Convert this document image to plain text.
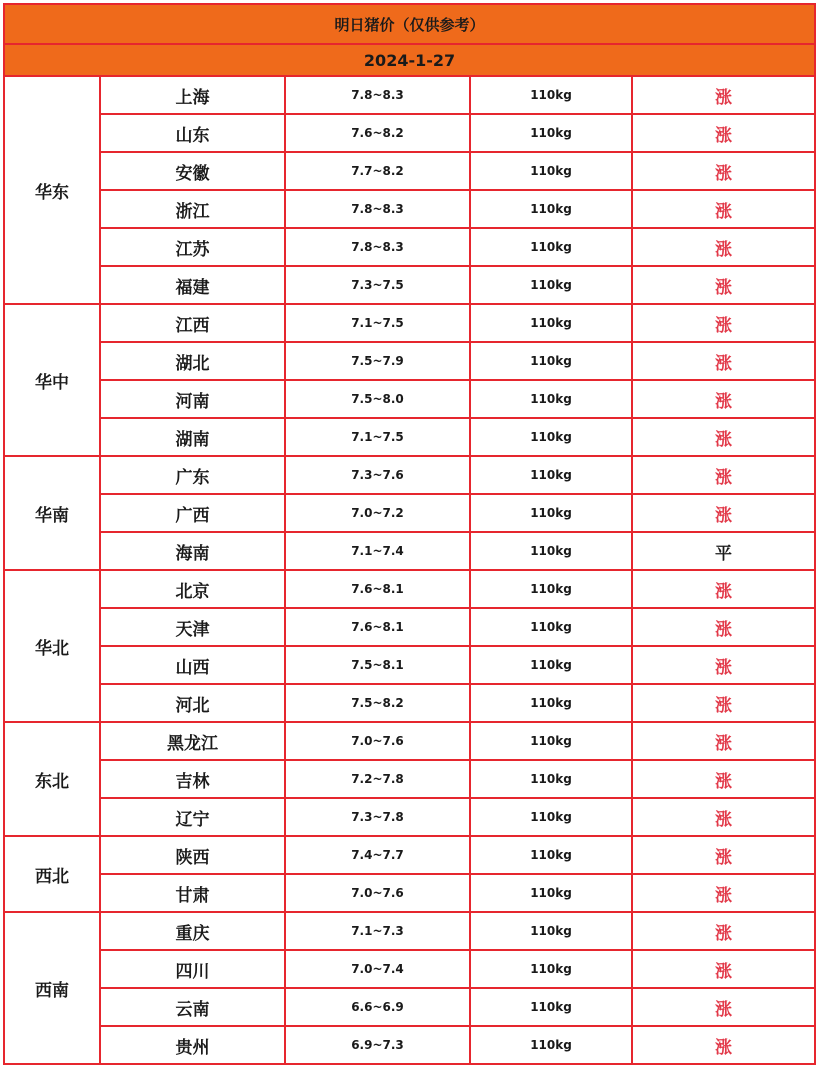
明日猪价（仅供参考）				
2024-1-27				
华东	上海	7.8~8.3	110kg	涨
	山东	7.6~8.2	110kg	涨
	安徽	7.7~8.2	110kg	涨
	浙江	7.8~8.3	110kg	涨
	江苏	7.8~8.3	110kg	涨
	福建	7.3~7.5	110kg	涨
华中	江西	7.1~7.5	110kg	涨
	湖北	7.5~7.9	110kg	涨
	河南	7.5~8.0	110kg	涨
	湖南	7.1~7.5	110kg	涨
华南	广东	7.3~7.6	110kg	涨
	广西	7.0~7.2	110kg	涨
	海南	7.1~7.4	110kg	平
华北	北京	7.6~8.1	110kg	涨
	天津	7.6~8.1	110kg	涨
	山西	7.5~8.1	110kg	涨
	河北	7.5~8.2	110kg	涨
东北	黑龙江	7.0~7.6	110kg	涨
	吉林	7.2~7.8	110kg	涨
	辽宁	7.3~7.8	110kg	涨
西北	陕西	7.4~7.7	110kg	涨
	甘肃	7.0~7.6	110kg	涨
西南	重庆	7.1~7.3	110kg	涨
	四川	7.0~7.4	110kg	涨
	云南	6.6~6.9	110kg	涨
	贵州	6.9~7.3	110kg	涨
